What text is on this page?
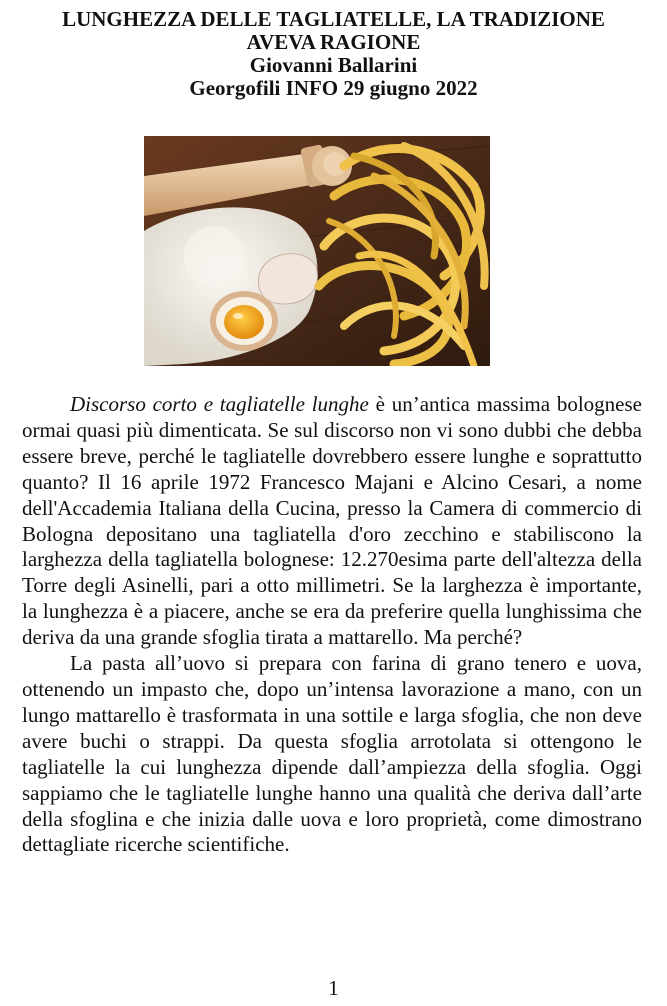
LUNGHEZZA DELLE TAGLIATELLE, LA TRADIZIONE
AVEVA RAGIONE
Giovanni Ballarini
Georgofili INFO 29 giugno 2022

Discorso corto e tagliatelle lunghe è un’antica massima bolognese ormai quasi più dimenticata. Se sul discorso non vi sono dubbi che debba essere breve, perché le tagliatelle dovrebbero essere lunghe e soprattutto quanto? Il 16 aprile 1972 Francesco Majani e Alcino Cesari, a nome dell'Accademia Italiana della Cucina, presso la Camera di commercio di Bologna depositano una tagliatella d'oro zecchino e stabiliscono la larghezza della tagliatella bolognese: 12.270esima parte dell'altezza della Torre degli Asinelli, pari a otto millimetri. Se la larghezza è importante, la lunghezza è a piacere, anche se era da preferire quella lunghissima che deriva da una grande sfoglia tirata a mattarello. Ma perché?

La pasta all’uovo si prepara con farina di grano tenero e uova, ottenendo un impasto che, dopo un’intensa lavorazione a mano, con un lungo mattarello è trasformata in una sottile e larga sfoglia, che non deve avere buchi o strappi. Da questa sfoglia arrotolata si ottengono le tagliatelle la cui lunghezza dipende dall’ampiezza della sfoglia. Oggi sappiamo che le tagliatelle lunghe hanno una qualità che deriva dall’arte della sfoglina e che inizia dalle uova e loro proprietà, come dimostrano dettagliate ricerche scientifiche.

1
